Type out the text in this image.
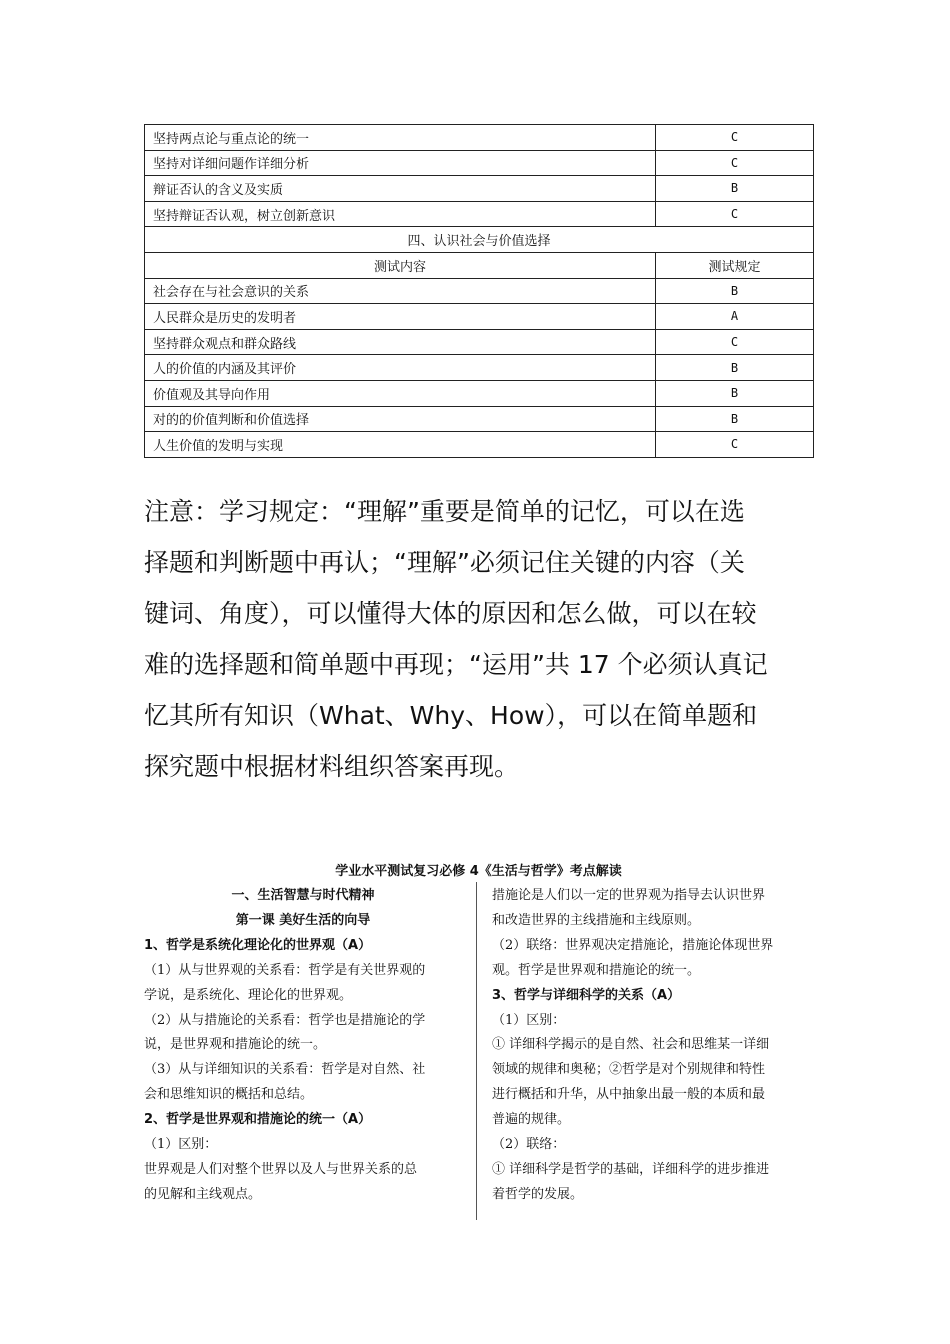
坚持两点论与重点论的统一	C
坚持对详细问题作详细分析	C
辩证否认的含义及实质	B
坚持辩证否认观，树立创新意识	C
四、认识社会与价值选择	
测试内容	测试规定
社会存在与社会意识的关系	B
人民群众是历史的发明者	A
坚持群众观点和群众路线	C
人的价值的内涵及其评价	B
价值观及其导向作用	B
对的的价值判断和价值选择	B
人生价值的发明与实现	C

注意：学习规定：“理解”重要是简单的记忆，可以在选
择题和判断题中再认；“理解”必须记住关键的内容（关
键词、角度），可以懂得大体的原因和怎么做，可以在较
难的选择题和简单题中再现；“运用”共 17 个必须认真记
忆其所有知识（What、Why、How），可以在简单题和
探究题中根据材料组织答案再现。

学业水平测试复习必修 4《生活与哲学》考点解读

一、生活智慧与时代精神

第一课 美好生活的向导

1、哲学是系统化理论化的世界观（A）

（1）从与世界观的关系看：哲学是有关世界观的

学说，是系统化、理论化的世界观。

（2）从与措施论的关系看：哲学也是措施论的学

说，是世界观和措施论的统一。

（3）从与详细知识的关系看：哲学是对自然、社

会和思维知识的概括和总结。

2、哲学是世界观和措施论的统一（A）

（1）区别：

世界观是人们对整个世界以及人与世界关系的总

的见解和主线观点。

措施论是人们以一定的世界观为指导去认识世界

和改造世界的主线措施和主线原则。

（2）联络：世界观决定措施论，措施论体现世界

观。哲学是世界观和措施论的统一。

3、哲学与详细科学的关系（A）

（1）区别：

① 详细科学揭示的是自然、社会和思维某一详细

领域的规律和奥秘；②哲学是对个别规律和特性

进行概括和升华，从中抽象出最一般的本质和最

普遍的规律。

（2）联络：

① 详细科学是哲学的基础，详细科学的进步推进

着哲学的发展。
